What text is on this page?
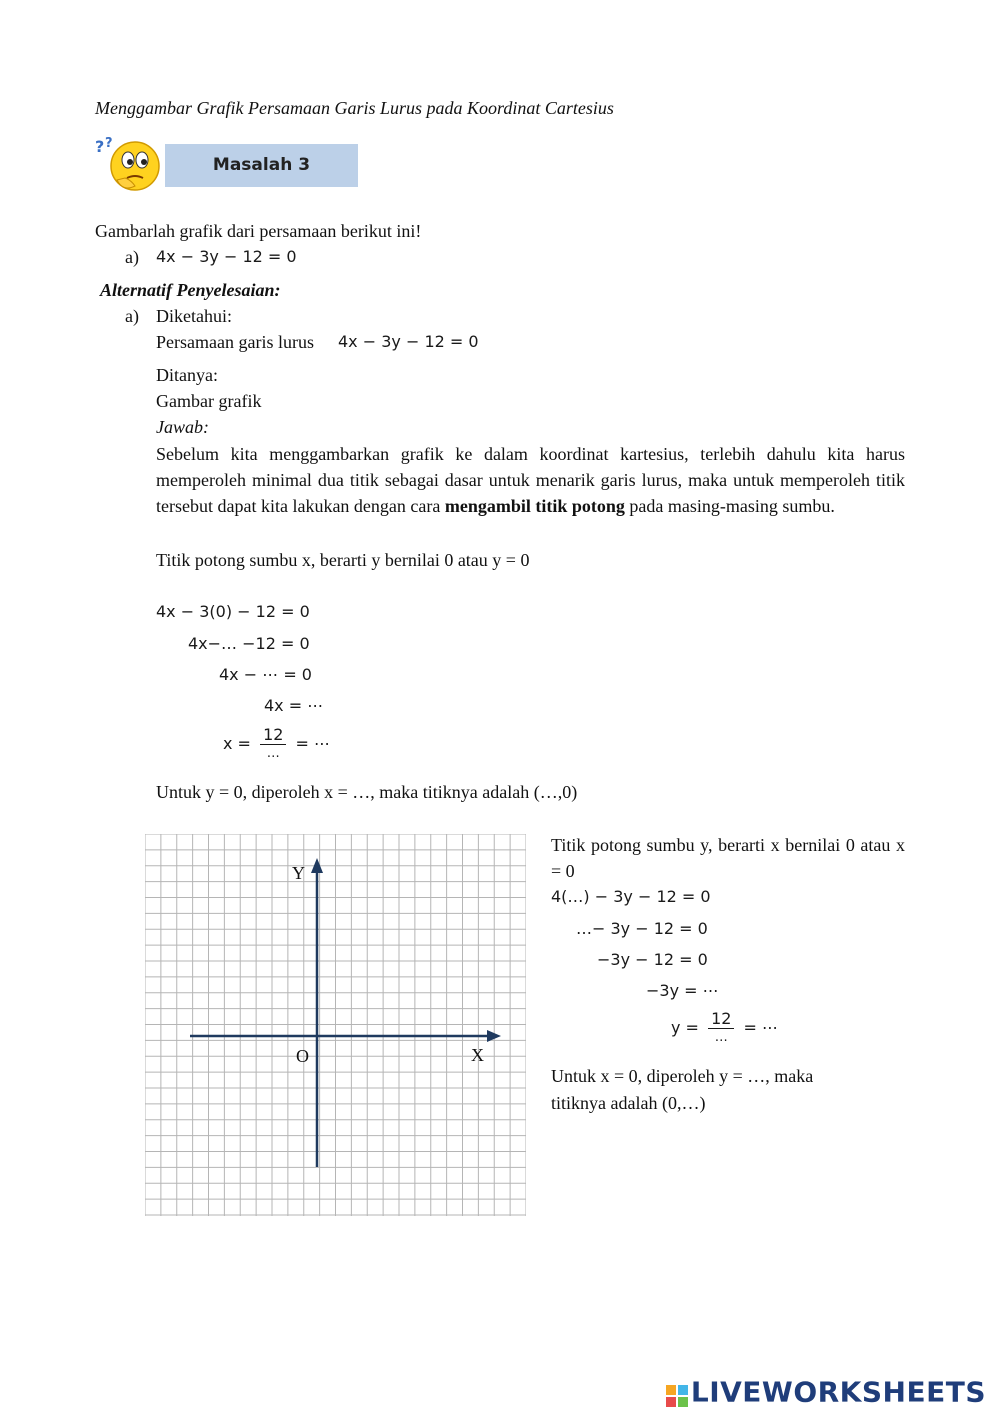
Menggambar Grafik Persamaan Garis Lurus pada Koordinat Cartesius
? ?
Masalah 3
Gambarlah grafik dari persamaan berikut ini!
a) 4x − 3y − 12 = 0
Alternatif Penyelesaian:
a) Diketahui:
Persamaan garis lurus 4x − 3y − 12 = 0
Ditanya:
Gambar grafik
Jawab:
Sebelum kita menggambarkan grafik ke dalam koordinat kartesius, terlebih dahulu kita harus memperoleh minimal dua titik sebagai dasar untuk menarik garis lurus, maka untuk memperoleh titik tersebut dapat kita lakukan dengan cara mengambil titik potong pada masing-masing sumbu.
Titik potong sumbu x, berarti y bernilai 0 atau y = 0
4x − 3(0) − 12 = 0
4x−… −12 = 0
4x − ⋯ = 0
4x = ⋯
$x = \frac{12}{\dots}$ = ⋯
Untuk y = 0, diperoleh x = …, maka titiknya adalah (…,0)
Y
X
O
Titik potong sumbu y, berarti x bernilai 0 atau x = 0
4(…) − 3y − 12 = 0
…− 3y − 12 = 0
−3y − 12 = 0
−3y = ⋯
$y = \frac{12}{\dots}$ = ⋯
Untuk x = 0, diperoleh y = …, maka titiknya adalah (0,…)
LIVEWORKSHEETS
